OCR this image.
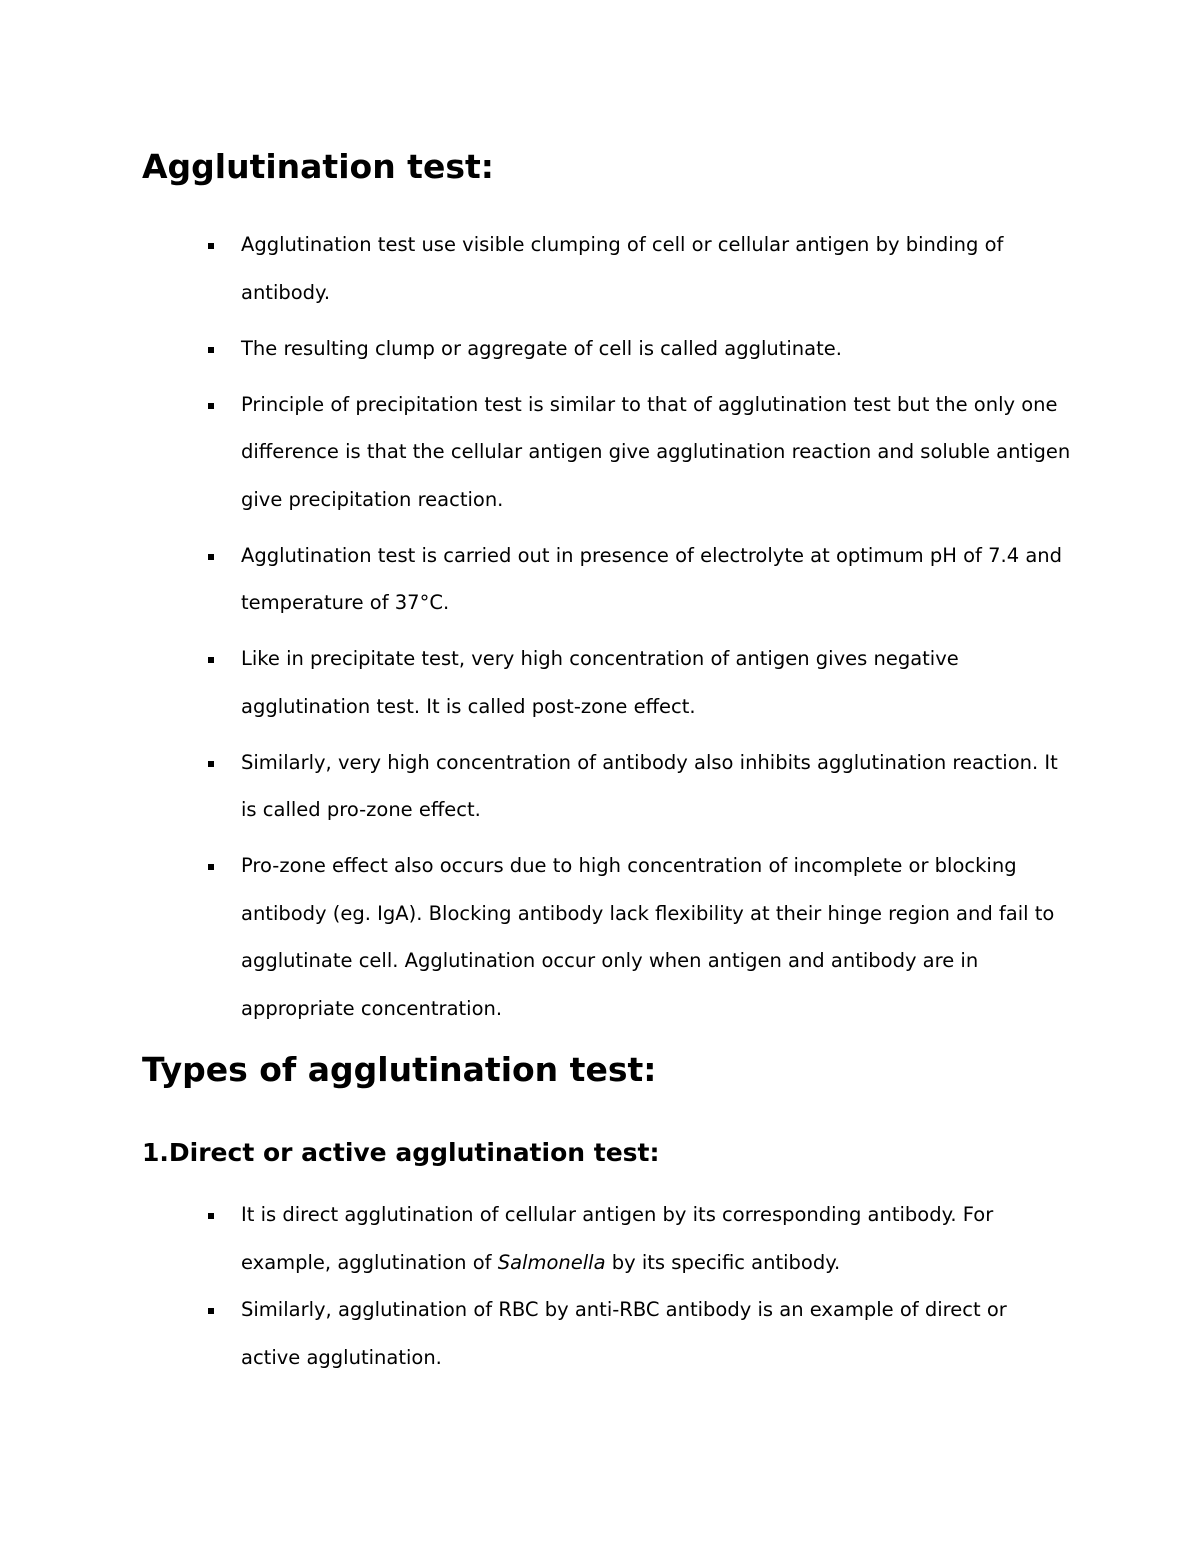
Agglutination test:
Agglutination test use visible clumping of cell or cellular antigen by binding of antibody.
The resulting clump or aggregate of cell is called agglutinate.
Principle of precipitation test is similar to that of agglutination test but the only one difference is that the cellular antigen give agglutination reaction and soluble antigen give precipitation reaction.
Agglutination test is carried out in presence of electrolyte at optimum pH of 7.4 and temperature of 37°C.
Like in precipitate test, very high concentration of antigen gives negative agglutination test. It is called post-zone effect.
Similarly, very high concentration of antibody also inhibits agglutination reaction. It is called pro-zone effect.
Pro-zone effect also occurs due to high concentration of incomplete or blocking antibody (eg. IgA). Blocking antibody lack flexibility at their hinge region and fail to agglutinate cell. Agglutination occur only when antigen and antibody are in appropriate concentration.
Types of agglutination test:
1.Direct or active agglutination test:
It is direct agglutination of cellular antigen by its corresponding antibody. For example, agglutination of Salmonella by its specific antibody.
Similarly, agglutination of RBC by anti-RBC antibody is an example of direct or active agglutination.
